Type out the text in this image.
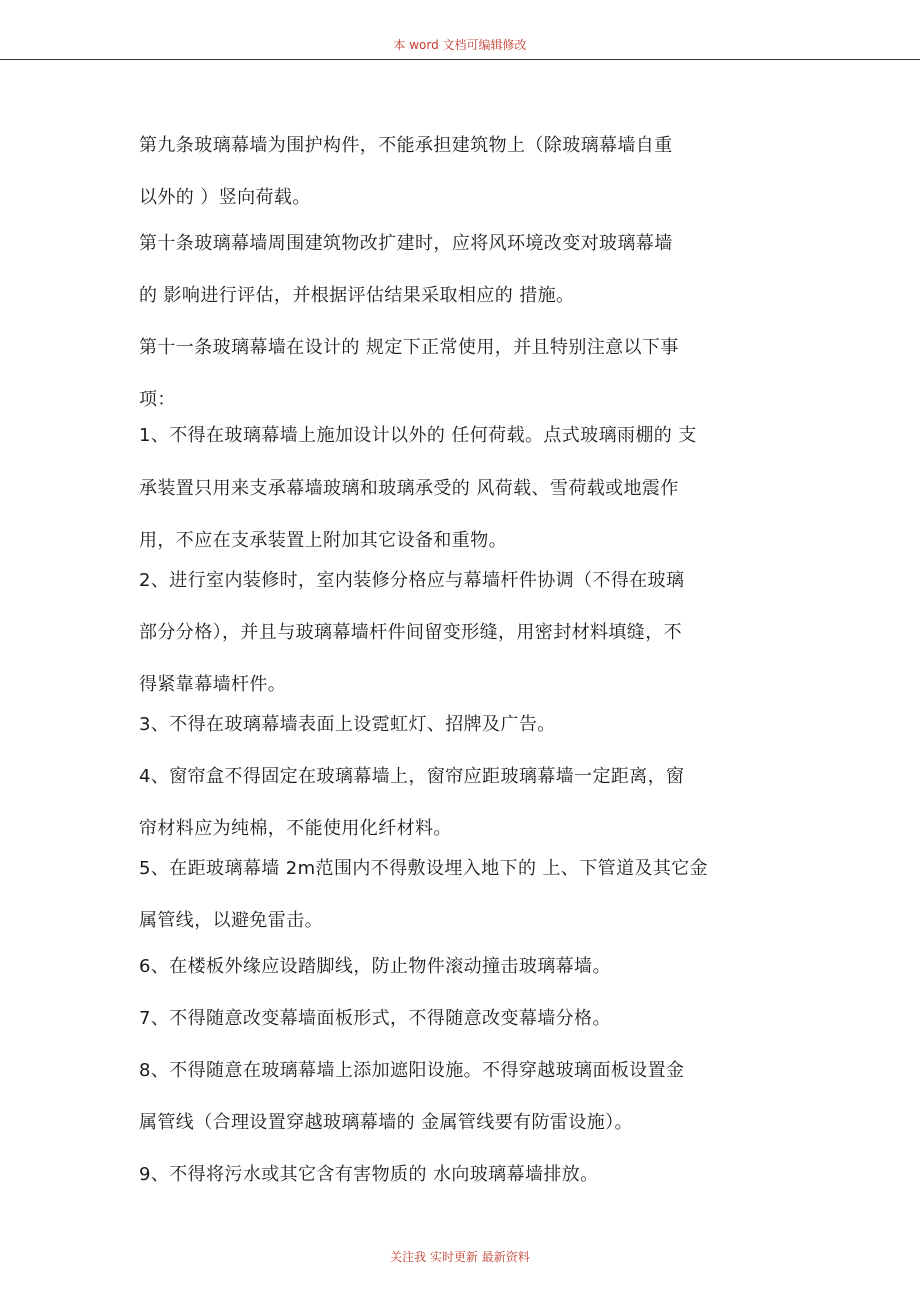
本 word 文档可编辑修改
第九条玻璃幕墙为围护构件，不能承担建筑物上（除玻璃幕墙自重
以外的 ）竖向荷载。
第十条玻璃幕墙周围建筑物改扩建时，应将风环境改变对玻璃幕墙
的 影响进行评估，并根据评估结果采取相应的 措施。
第十一条玻璃幕墙在设计的 规定下正常使用，并且特别注意以下事
项：
1、不得在玻璃幕墙上施加设计以外的 任何荷载。点式玻璃雨棚的 支
承装置只用来支承幕墙玻璃和玻璃承受的 风荷载、雪荷载或地震作
用，不应在支承装置上附加其它设备和重物。
2、进行室内装修时，室内装修分格应与幕墙杆件协调（不得在玻璃
部分分格），并且与玻璃幕墙杆件间留变形缝，用密封材料填缝，不
得紧靠幕墙杆件。
3、不得在玻璃幕墙表面上设霓虹灯、招牌及广告。
4、窗帘盒不得固定在玻璃幕墙上，窗帘应距玻璃幕墙一定距离，窗
帘材料应为纯棉，不能使用化纤材料。
5、在距玻璃幕墙 2m范围内不得敷设埋入地下的 上、下管道及其它金
属管线，以避免雷击。
6、在楼板外缘应设踏脚线，防止物件滚动撞击玻璃幕墙。
7、不得随意改变幕墙面板形式，不得随意改变幕墙分格。
8、不得随意在玻璃幕墙上添加遮阳设施。不得穿越玻璃面板设置金
属管线（合理设置穿越玻璃幕墙的 金属管线要有防雷设施）。
9、不得将污水或其它含有害物质的 水向玻璃幕墙排放。
关注我 实时更新 最新资料
